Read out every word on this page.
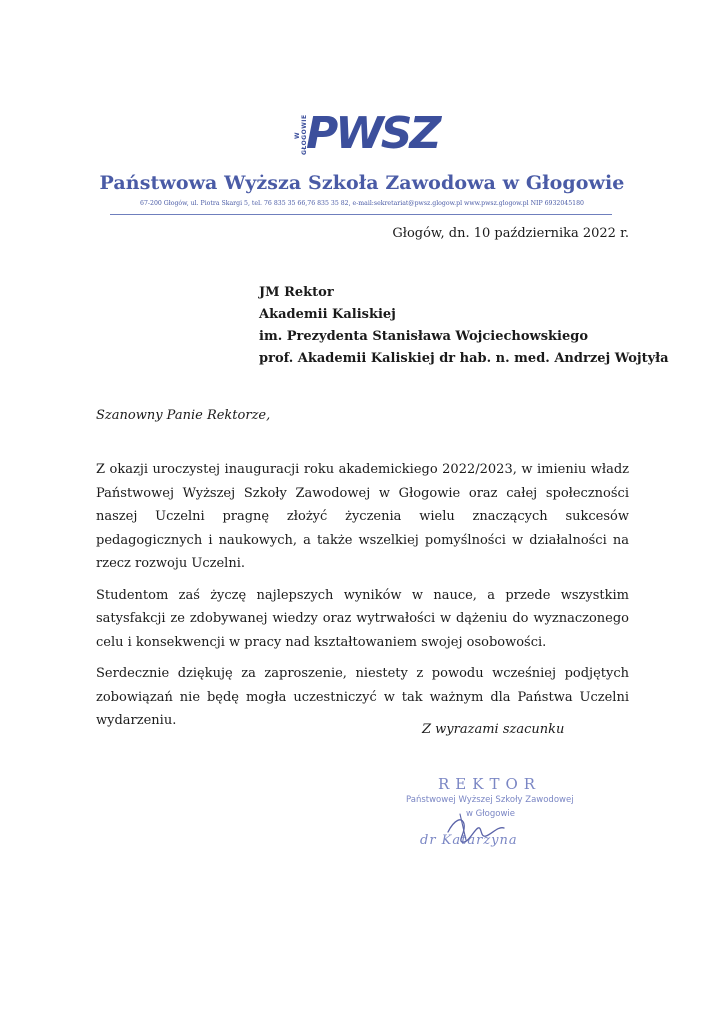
W GŁOGOWIE
PWSZ
Państwowa Wyższa Szkoła Zawodowa w Głogowie
67-200 Głogów, ul. Piotra Skargi 5, tel. 76 835 35 66,76 835 35 82, e-mail:sekretariat@pwsz.glogow.pl www.pwsz.glogow.pl NIP 6932045180
Głogów, dn. 10 października 2022 r.
JM Rektor
Akademii Kaliskiej
im. Prezydenta Stanisława Wojciechowskiego
prof. Akademii Kaliskiej dr hab. n. med. Andrzej Wojtyła
Szanowny Panie Rektorze,

Z okazji uroczystej inauguracji roku akademickiego 2022/2023, w imieniu władz Państwowej Wyższej Szkoły Zawodowej w Głogowie oraz całej społeczności naszej Uczelni pragnę złożyć życzenia wielu znaczących sukcesów pedagogicznych i naukowych, a także wszelkiej pomyślności w działalności na rzecz rozwoju Uczelni.

Studentom zaś życzę najlepszych wyników w nauce, a przede wszystkim satysfakcji ze zdobywanej wiedzy oraz wytrwałości w dążeniu do wyznaczonego celu i konsekwencji w pracy nad kształtowaniem swojej osobowości.

Serdecznie dziękuję za zaproszenie, niestety z powodu wcześniej podjętych zobowiązań nie będę mogła uczestniczyć w tak ważnym dla Państwa Uczelni wydarzeniu.

Z wyrazami szacunku
REKTOR
Państwowej Wyższej Szkoły Zawodowej
w Głogowie
dr Katarzyna
